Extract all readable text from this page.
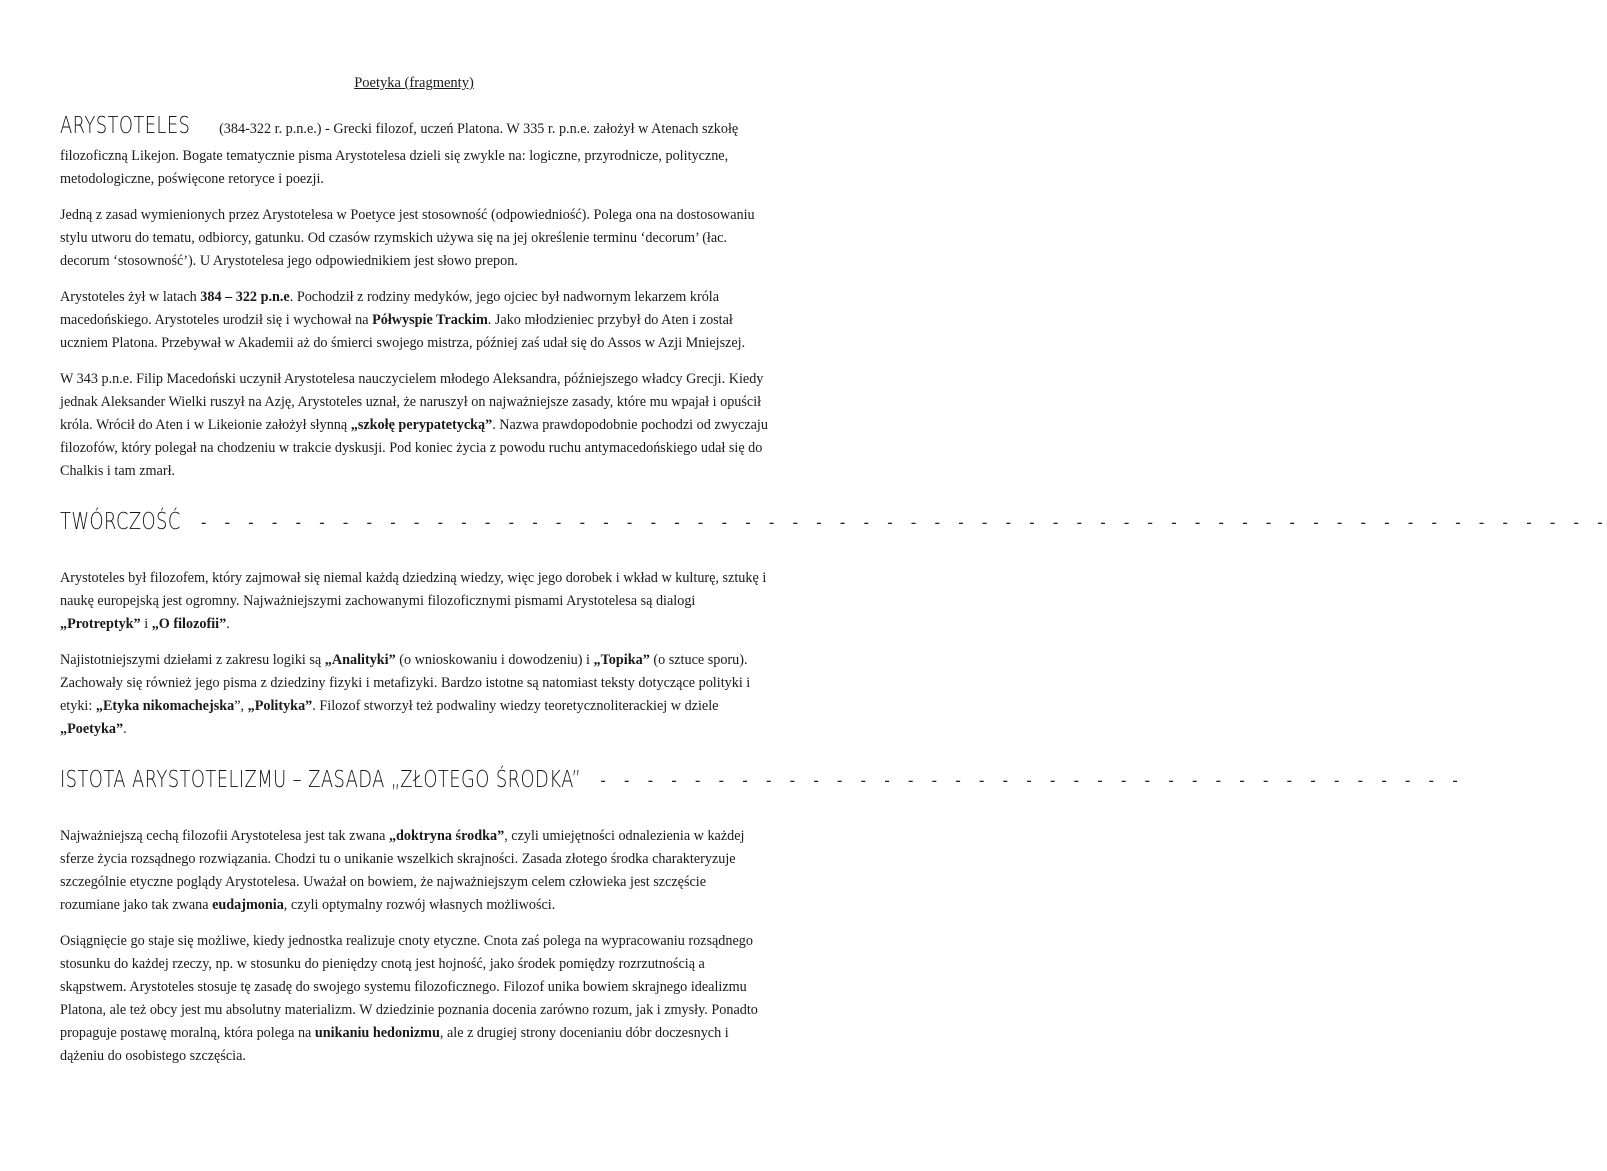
Poetyka (fragmenty)
ARYSTOTELES (384-322 r. p.n.e.) - Grecki filozof, uczeń Platona. W 335 r. p.n.e. założył w Atenach szkołę

filozoficzną Likejon. Bogate tematycznie pisma Arystotelesa dzieli się zwykle na: logiczne, przyrodnicze, polityczne, metodologiczne, poświęcone retoryce i poezji.

Jedną z zasad wymienionych przez Arystotelesa w Poetyce jest stosowność (odpowiedniość). Polega ona na dostosowaniu stylu utworu do tematu, odbiorcy, gatunku. Od czasów rzymskich używa się na jej określenie terminu ‘decorum’ (łac. decorum ‘stosowność’). U Arystotelesa jego odpowiednikiem jest słowo prepon.

Arystoteles żył w latach 384 – 322 p.n.e. Pochodził z rodziny medyków, jego ojciec był nadwornym lekarzem króla macedońskiego. Arystoteles urodził się i wychował na Półwyspie Trackim. Jako młodzieniec przybył do Aten i został uczniem Platona. Przebywał w Akademii aż do śmierci swojego mistrza, później zaś udał się do Assos w Azji Mniejszej.

W 343 p.n.e. Filip Macedoński uczynił Arystotelesa nauczycielem młodego Aleksandra, późniejszego władcy Grecji. Kiedy jednak Aleksander Wielki ruszył na Azję, Arystoteles uznał, że naruszył on najważniejsze zasady, które mu wpajał i opuścił króla. Wrócił do Aten i w Likeionie założył słynną „szkołę perypatetycką”. Nazwa prawdopodobnie pochodzi od zwyczaju filozofów, który polegał na chodzeniu w trakcie dyskusji. Pod koniec życia z powodu ruchu antymacedońskiego udał się do Chalkis i tam zmarł.

TWÓRCZOŚĆ - - - - - - - - - - - - - - - - - - - - - - - - - - - - - - - - - - - - - - - - - - - - - - - - - - - - - - - - - - - -

Arystoteles był filozofem, który zajmował się niemal każdą dziedziną wiedzy, więc jego dorobek i wkład w kulturę, sztukę i naukę europejską jest ogromny. Najważniejszymi zachowanymi filozoficznymi pismami Arystotelesa są dialogi „Protreptyk” i „O filozofii”.

Najistotniejszymi dziełami z zakresu logiki są „Analityki” (o wnioskowaniu i dowodzeniu) i „Topika” (o sztuce sporu). Zachowały się również jego pisma z dziedziny fizyki i metafizyki. Bardzo istotne są natomiast teksty dotyczące polityki i etyki: „Etyka nikomachejska”, „Polityka”. Filozof stworzył też podwaliny wiedzy teoretycznoliterackiej w dziele „Poetyka”.

ISTOTA ARYSTOTELIZMU – ZASADA „ZŁOTEGO ŚRODKA” - - - - - - - - - - - - - - - - - - - - - - - - - - - - - - - - - - - - -

Najważniejszą cechą filozofii Arystotelesa jest tak zwana „doktryna środka”, czyli umiejętności odnalezienia w każdej sferze życia rozsądnego rozwiązania. Chodzi tu o unikanie wszelkich skrajności. Zasada złotego środka charakteryzuje szczególnie etyczne poglądy Arystotelesa. Uważał on bowiem, że najważniejszym celem człowieka jest szczęście rozumiane jako tak zwana eudajmonia, czyli optymalny rozwój własnych możliwości.

Osiągnięcie go staje się możliwe, kiedy jednostka realizuje cnoty etyczne. Cnota zaś polega na wypracowaniu rozsądnego stosunku do każdej rzeczy, np. w stosunku do pieniędzy cnotą jest hojność, jako środek pomiędzy rozrzutnością a skąpstwem. Arystoteles stosuje tę zasadę do swojego systemu filozoficznego. Filozof unika bowiem skrajnego idealizmu Platona, ale też obcy jest mu absolutny materializm. W dziedzinie poznania docenia zarówno rozum, jak i zmysły. Ponadto propaguje postawę moralną, która polega na unikaniu hedonizmu, ale z drugiej strony docenianiu dóbr doczesnych i dążeniu do osobistego szczęścia.
